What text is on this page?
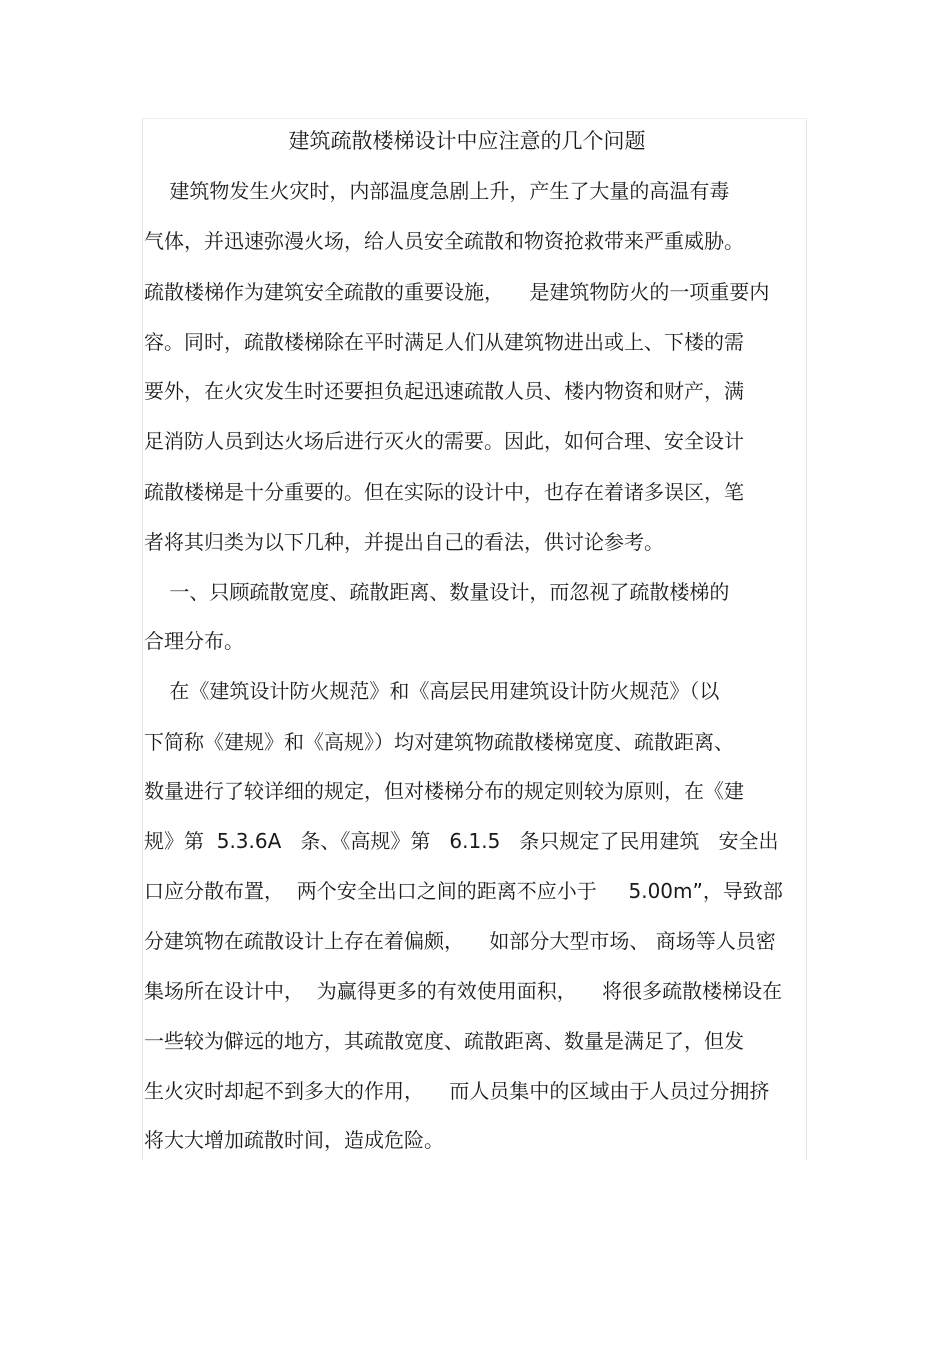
建筑疏散楼梯设计中应注意的几个问题

建筑物发生火灾时，内部温度急剧上升，产生了大量的高温有毒

气体，并迅速弥漫火场，给人员安全疏散和物资抢救带来严重威胁。

疏散楼梯作为建筑安全疏散的重要设施，    是建筑物防火的一项重要内

容。同时，疏散楼梯除在平时满足人们从建筑物进出或上、下楼的需

要外，在火灾发生时还要担负起迅速疏散人员、楼内物资和财产，满

足消防人员到达火场后进行灭火的需要。因此，如何合理、安全设计

疏散楼梯是十分重要的。但在实际的设计中，也存在着诸多误区，笔

者将其归类为以下几种，并提出自己的看法，供讨论参考。

一、只顾疏散宽度、疏散距离、数量设计，而忽视了疏散楼梯的

合理分布。

在《建筑设计防火规范》和《高层民用建筑设计防火规范》（以

下简称《建规》和《高规》）均对建筑物疏散楼梯宽度、疏散距离、

数量进行了较详细的规定，但对楼梯分布的规定则较为原则，在《建

规》第  5.3.6A   条、《高规》第   6.1.5   条只规定了民用建筑   安全出

口应分散布置，  两个安全出口之间的距离不应小于     5.00m”，导致部

分建筑物在疏散设计上存在着偏颇，    如部分大型市场、 商场等人员密

集场所在设计中，  为赢得更多的有效使用面积，    将很多疏散楼梯设在

一些较为僻远的地方，其疏散宽度、疏散距离、数量是满足了，但发

生火灾时却起不到多大的作用，    而人员集中的区域由于人员过分拥挤

将大大增加疏散时间，造成危险。
